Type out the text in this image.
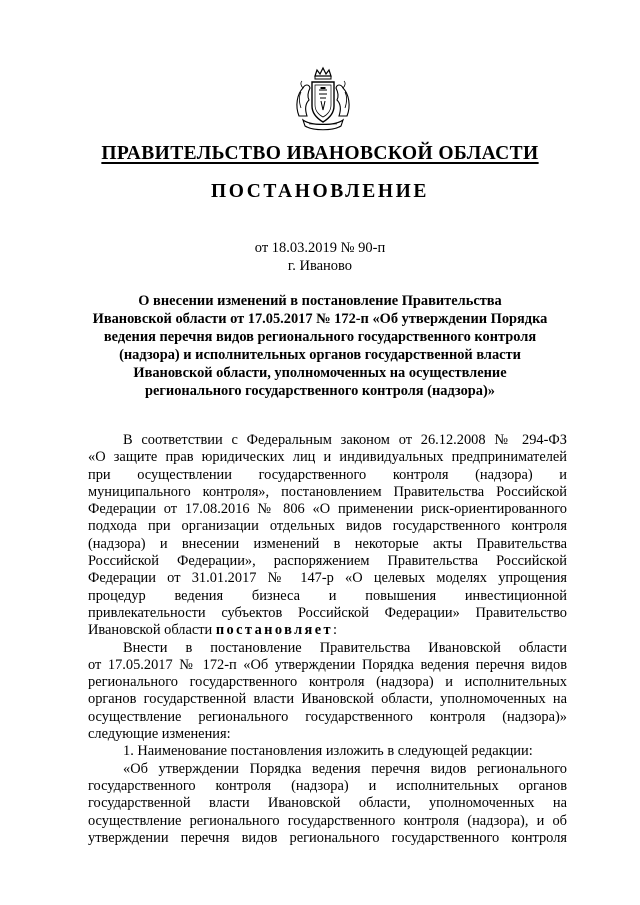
ПРАВИТЕЛЬСТВО ИВАНОВСКОЙ ОБЛАСТИ
ПОСТАНОВЛЕНИЕ
от 18.03.2019 № 90-п
г. Иваново
О внесении изменений в постановление Правительства
Ивановской области от 17.05.2017 № 172-п «Об утверждении Порядка
ведения перечня видов регионального государственного контроля
(надзора) и исполнительных органов государственной власти
Ивановской области, уполномоченных на осуществление
регионального государственного контроля (надзора)»
В соответствии с Федеральным законом от 26.12.2008 № 294-ФЗ
«О защите прав юридических лиц и индивидуальных предпринимателей
при осуществлении государственного контроля (надзора) и
муниципального контроля», постановлением Правительства Российской
Федерации от 17.08.2016 № 806 «О применении риск-ориентированного
подхода при организации отдельных видов государственного контроля
(надзора) и внесении изменений в некоторые акты Правительства
Российской Федерации», распоряжением Правительства Российской
Федерации от 31.01.2017 № 147-р «О целевых моделях упрощения
процедур ведения бизнеса и повышения инвестиционной
привлекательности субъектов Российской Федерации» Правительство
Ивановской области постановляет:
Внести в постановление Правительства Ивановской области
от 17.05.2017 № 172-п «Об утверждении Порядка ведения перечня видов
регионального государственного контроля (надзора) и исполнительных
органов государственной власти Ивановской области, уполномоченных на
осуществление регионального государственного контроля (надзора)»
следующие изменения:
1. Наименование постановления изложить в следующей редакции:
«Об утверждении Порядка ведения перечня видов регионального
государственного контроля (надзора) и исполнительных органов
государственной власти Ивановской области, уполномоченных на
осуществление регионального государственного контроля (надзора), и об
утверждении перечня видов регионального государственного контроля
